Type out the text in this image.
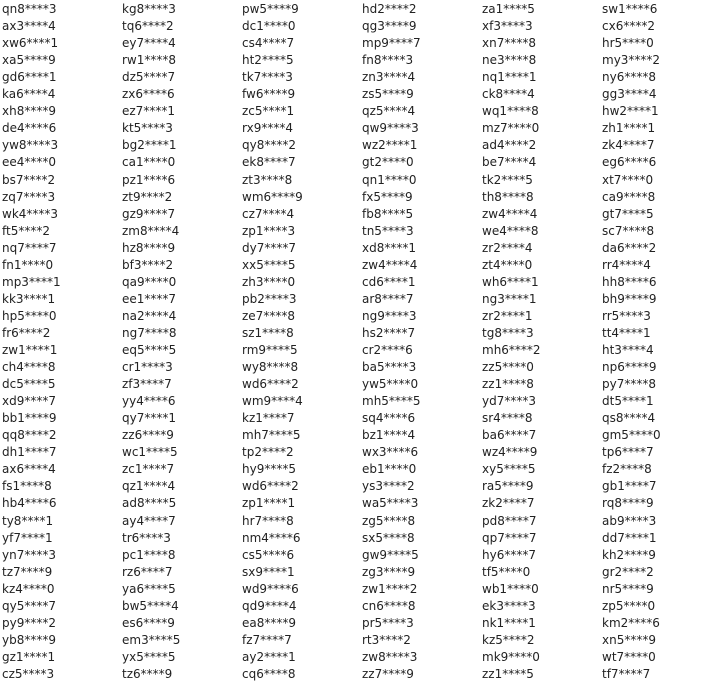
qn8****3
ax3****4
xw6****1
xa5****9
gd6****1
ka6****4
xh8****9
de4****6
yw8****3
ee4****0
bs7****2
zq7****3
wk4****3
ft5****2
nq7****7
fn1****0
mp3****1
kk3****1
hp5****0
fr6****2
zw1****1
ch4****8
dc5****5
xd9****7
bb1****9
qq8****2
dh1****7
ax6****4
fs1****8
hb4****6
ty8****1
yf7****1
yn7****3
tz7****9
kz4****0
qy5****7
py9****2
yb8****9
gz1****1
cz5****3
kg8****3
tq6****2
ey7****4
rw1****8
dz5****7
zx6****6
ez7****1
kt5****3
bg2****1
ca1****0
pz1****6
zt9****2
gz9****7
zm8****4
hz8****9
bf3****2
qa9****0
ee1****7
na2****4
ng7****8
eq5****5
cr1****3
zf3****7
yy4****6
qy7****1
zz6****9
wc1****5
zc1****7
qz1****4
ad8****5
ay4****7
tr6****3
pc1****8
rz6****7
ya6****5
bw5****4
es6****9
em3****5
yx5****5
tz6****9
pw5****9
dc1****0
cs4****7
ht2****5
tk7****3
fw6****9
zc5****1
rx9****4
qy8****2
ek8****7
zt3****8
wm6****9
cz7****4
zp1****3
dy7****7
xx5****5
zh3****0
pb2****3
ze7****8
sz1****8
rm9****5
wy8****8
wd6****2
wm9****4
kz1****7
mh7****5
tp2****2
hy9****5
wd6****2
zp1****1
hr7****8
nm4****6
cs5****6
sx9****1
wd9****6
qd9****4
ea8****9
fz7****7
ay2****1
cq6****8
hd2****2
qg3****9
mp9****7
fn8****3
zn3****4
zs5****9
qz5****4
qw9****3
wz2****1
gt2****0
qn1****0
fx5****9
fb8****5
tn5****3
xd8****1
zw4****4
cd6****1
ar8****7
ng9****3
hs2****7
cr2****6
ba5****3
yw5****0
mh5****5
sq4****6
bz1****4
wx3****6
eb1****0
ys3****2
wa5****3
zg5****8
sx5****8
gw9****5
zg3****9
zw1****2
cn6****8
pr5****3
rt3****2
zw8****3
zz7****9
za1****5
xf3****3
xn7****8
ne3****8
nq1****1
ck8****4
wq1****8
mz7****0
ad4****2
be7****4
tk2****5
th8****8
zw4****4
we4****8
zr2****4
zt4****0
wh6****1
ng3****1
zr2****1
tg8****3
mh6****2
zz5****0
zz1****8
yd7****3
sr4****8
ba6****7
wz4****9
xy5****5
ra5****9
zk2****7
pd8****7
qp7****7
hy6****7
tf5****0
wb1****0
ek3****3
nk1****1
kz5****2
mk9****0
zz1****5
sw1****6
cx6****2
hr5****0
my3****2
ny6****8
gg3****4
hw2****1
zh1****1
zk4****7
eg6****6
xt7****0
ca9****8
gt7****5
sc7****8
da6****2
rr4****4
hh8****6
bh9****9
rr5****3
tt4****1
ht3****4
np6****9
py7****8
dt5****1
qs8****4
gm5****0
tp6****7
fz2****8
gb1****7
rq8****9
ab9****3
dd7****1
kh2****9
gr2****2
nr5****9
zp5****0
km2****6
xn5****9
wt7****0
tf7****7
